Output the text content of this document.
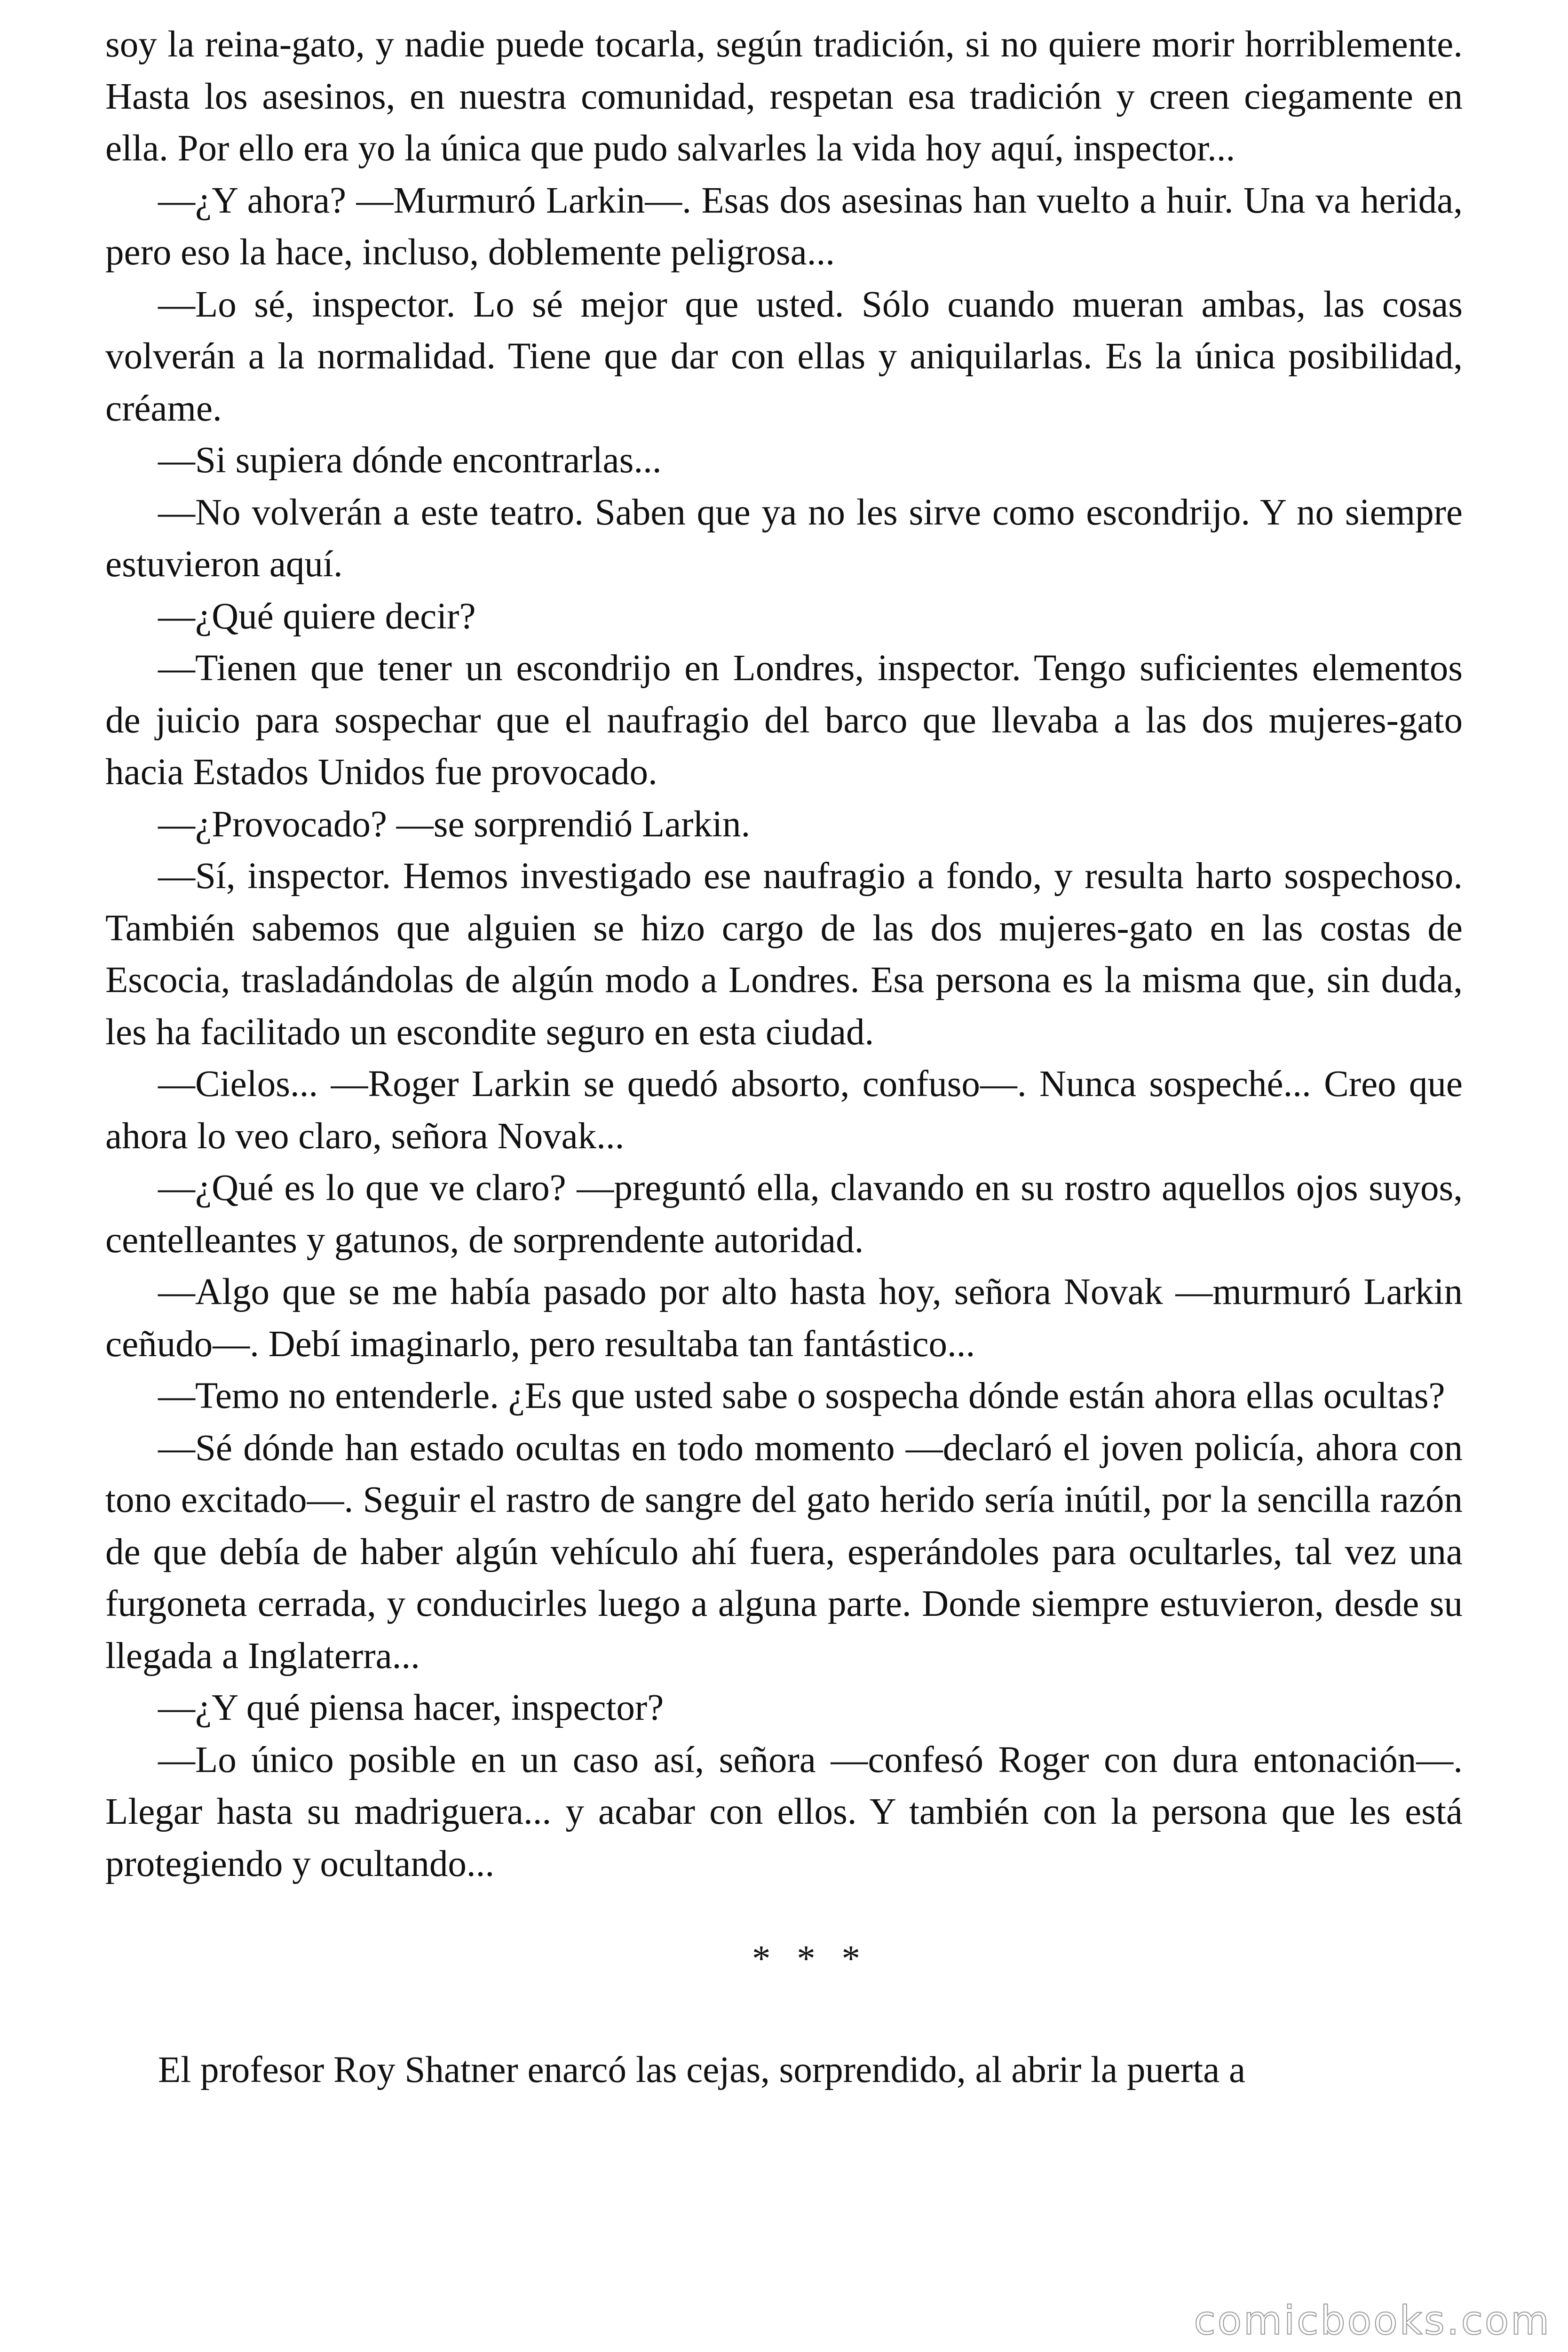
soy la reina-gato, y nadie puede tocarla, según tradición, si no quiere morir horriblemente. Hasta los asesinos, en nuestra comunidad, respetan esa tradición y creen ciegamente en ella. Por ello era yo la única que pudo salvarles la vida hoy aquí, inspector...

—¿Y ahora? —Murmuró Larkin—. Esas dos asesinas han vuelto a huir. Una va herida, pero eso la hace, incluso, doblemente peligrosa...

—Lo sé, inspector. Lo sé mejor que usted. Sólo cuando mueran ambas, las cosas volverán a la normalidad. Tiene que dar con ellas y aniquilarlas. Es la única posibilidad, créame.

—Si supiera dónde encontrarlas...

—No volverán a este teatro. Saben que ya no les sirve como escondrijo. Y no siempre estuvieron aquí.

—¿Qué quiere decir?

—Tienen que tener un escondrijo en Londres, inspector. Tengo suficientes elementos de juicio para sospechar que el naufragio del barco que llevaba a las dos mujeres-gato hacia Estados Unidos fue provocado.

—¿Provocado? —se sorprendió Larkin.

—Sí, inspector. Hemos investigado ese naufragio a fondo, y resulta harto sospechoso. También sabemos que alguien se hizo cargo de las dos mujeres-gato en las costas de Escocia, trasladándolas de algún modo a Londres. Esa persona es la misma que, sin duda, les ha facilitado un escondite seguro en esta ciudad.

—Cielos... —Roger Larkin se quedó absorto, confuso—. Nunca sospeché... Creo que ahora lo veo claro, señora Novak...

—¿Qué es lo que ve claro? —preguntó ella, clavando en su rostro aquellos ojos suyos, centelleantes y gatunos, de sorprendente autoridad.

—Algo que se me había pasado por alto hasta hoy, señora Novak —murmuró Larkin ceñudo—. Debí imaginarlo, pero resultaba tan fantástico...

—Temo no entenderle. ¿Es que usted sabe o sospecha dónde están ahora ellas ocultas?

—Sé dónde han estado ocultas en todo momento —declaró el joven policía, ahora con tono excitado—. Seguir el rastro de sangre del gato herido sería inútil, por la sencilla razón de que debía de haber algún vehículo ahí fuera, esperándoles para ocultarles, tal vez una furgoneta cerrada, y conducirles luego a alguna parte. Donde siempre estuvieron, desde su llegada a Inglaterra...

—¿Y qué piensa hacer, inspector?

—Lo único posible en un caso así, señora —confesó Roger con dura entonación—. Llegar hasta su madriguera... y acabar con ellos. Y también con la persona que les está protegiendo y ocultando...

* * *

El profesor Roy Shatner enarcó las cejas, sorprendido, al abrir la puerta a

comicbooks.com
